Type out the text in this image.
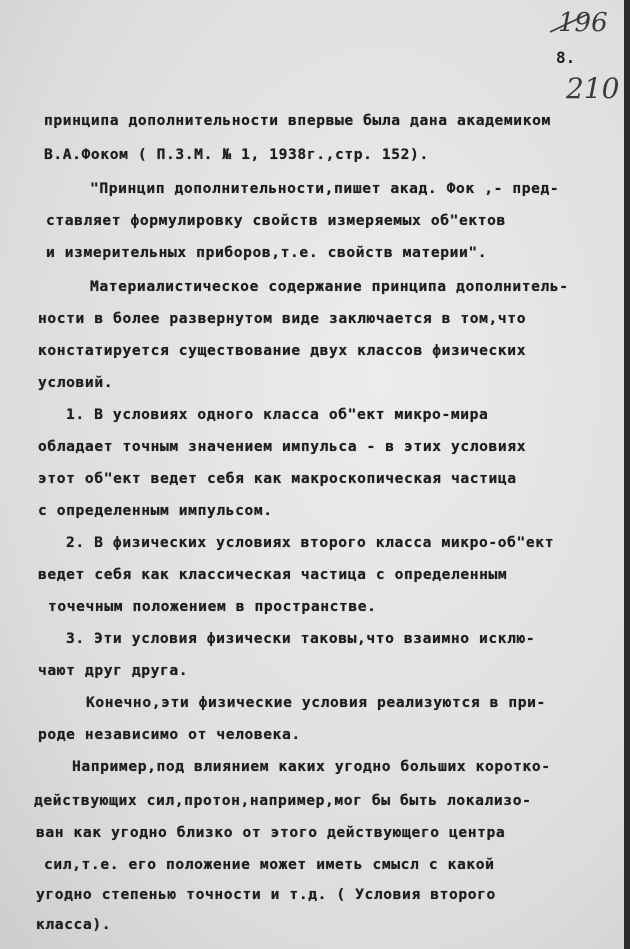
196
8.
210
принципа дополнительности впервые была дана академиком
В.А.Фоком ( П.З.М. № 1, 1938г.,стр. 152).
"Принцип дополнительности,пишет акад. Фок ,- пред-
ставляет формулировку свойств измеряемых об"ектов
и измерительных приборов,т.е. свойств материи".
Материалистическое содержание принципа дополнитель-
ности в более развернутом виде заключается в том,что
констатируется существование двух классов физических
условий.
1. В условиях одного класса об"ект микро-мира
обладает точным значением импульса - в этих условиях
этот об"ект ведет себя как макроскопическая частица
с определенным импульсом.
2. В физических условиях второго класса микро-об"ект
ведет себя как классическая частица с определенным
точечным положением в пространстве.
3. Эти условия физически таковы,что взаимно исклю-
чают друг друга.
Конечно,эти физические условия реализуются в при-
роде независимо от человека.
Например,под влиянием каких угодно больших коротко-
действующих сил,протон,например,мог бы быть локализо-
ван как угодно близко от этого действующего центра
сил,т.е. его положение может иметь смысл с какой
угодно степенью точности и т.д. ( Условия второго
класса).
